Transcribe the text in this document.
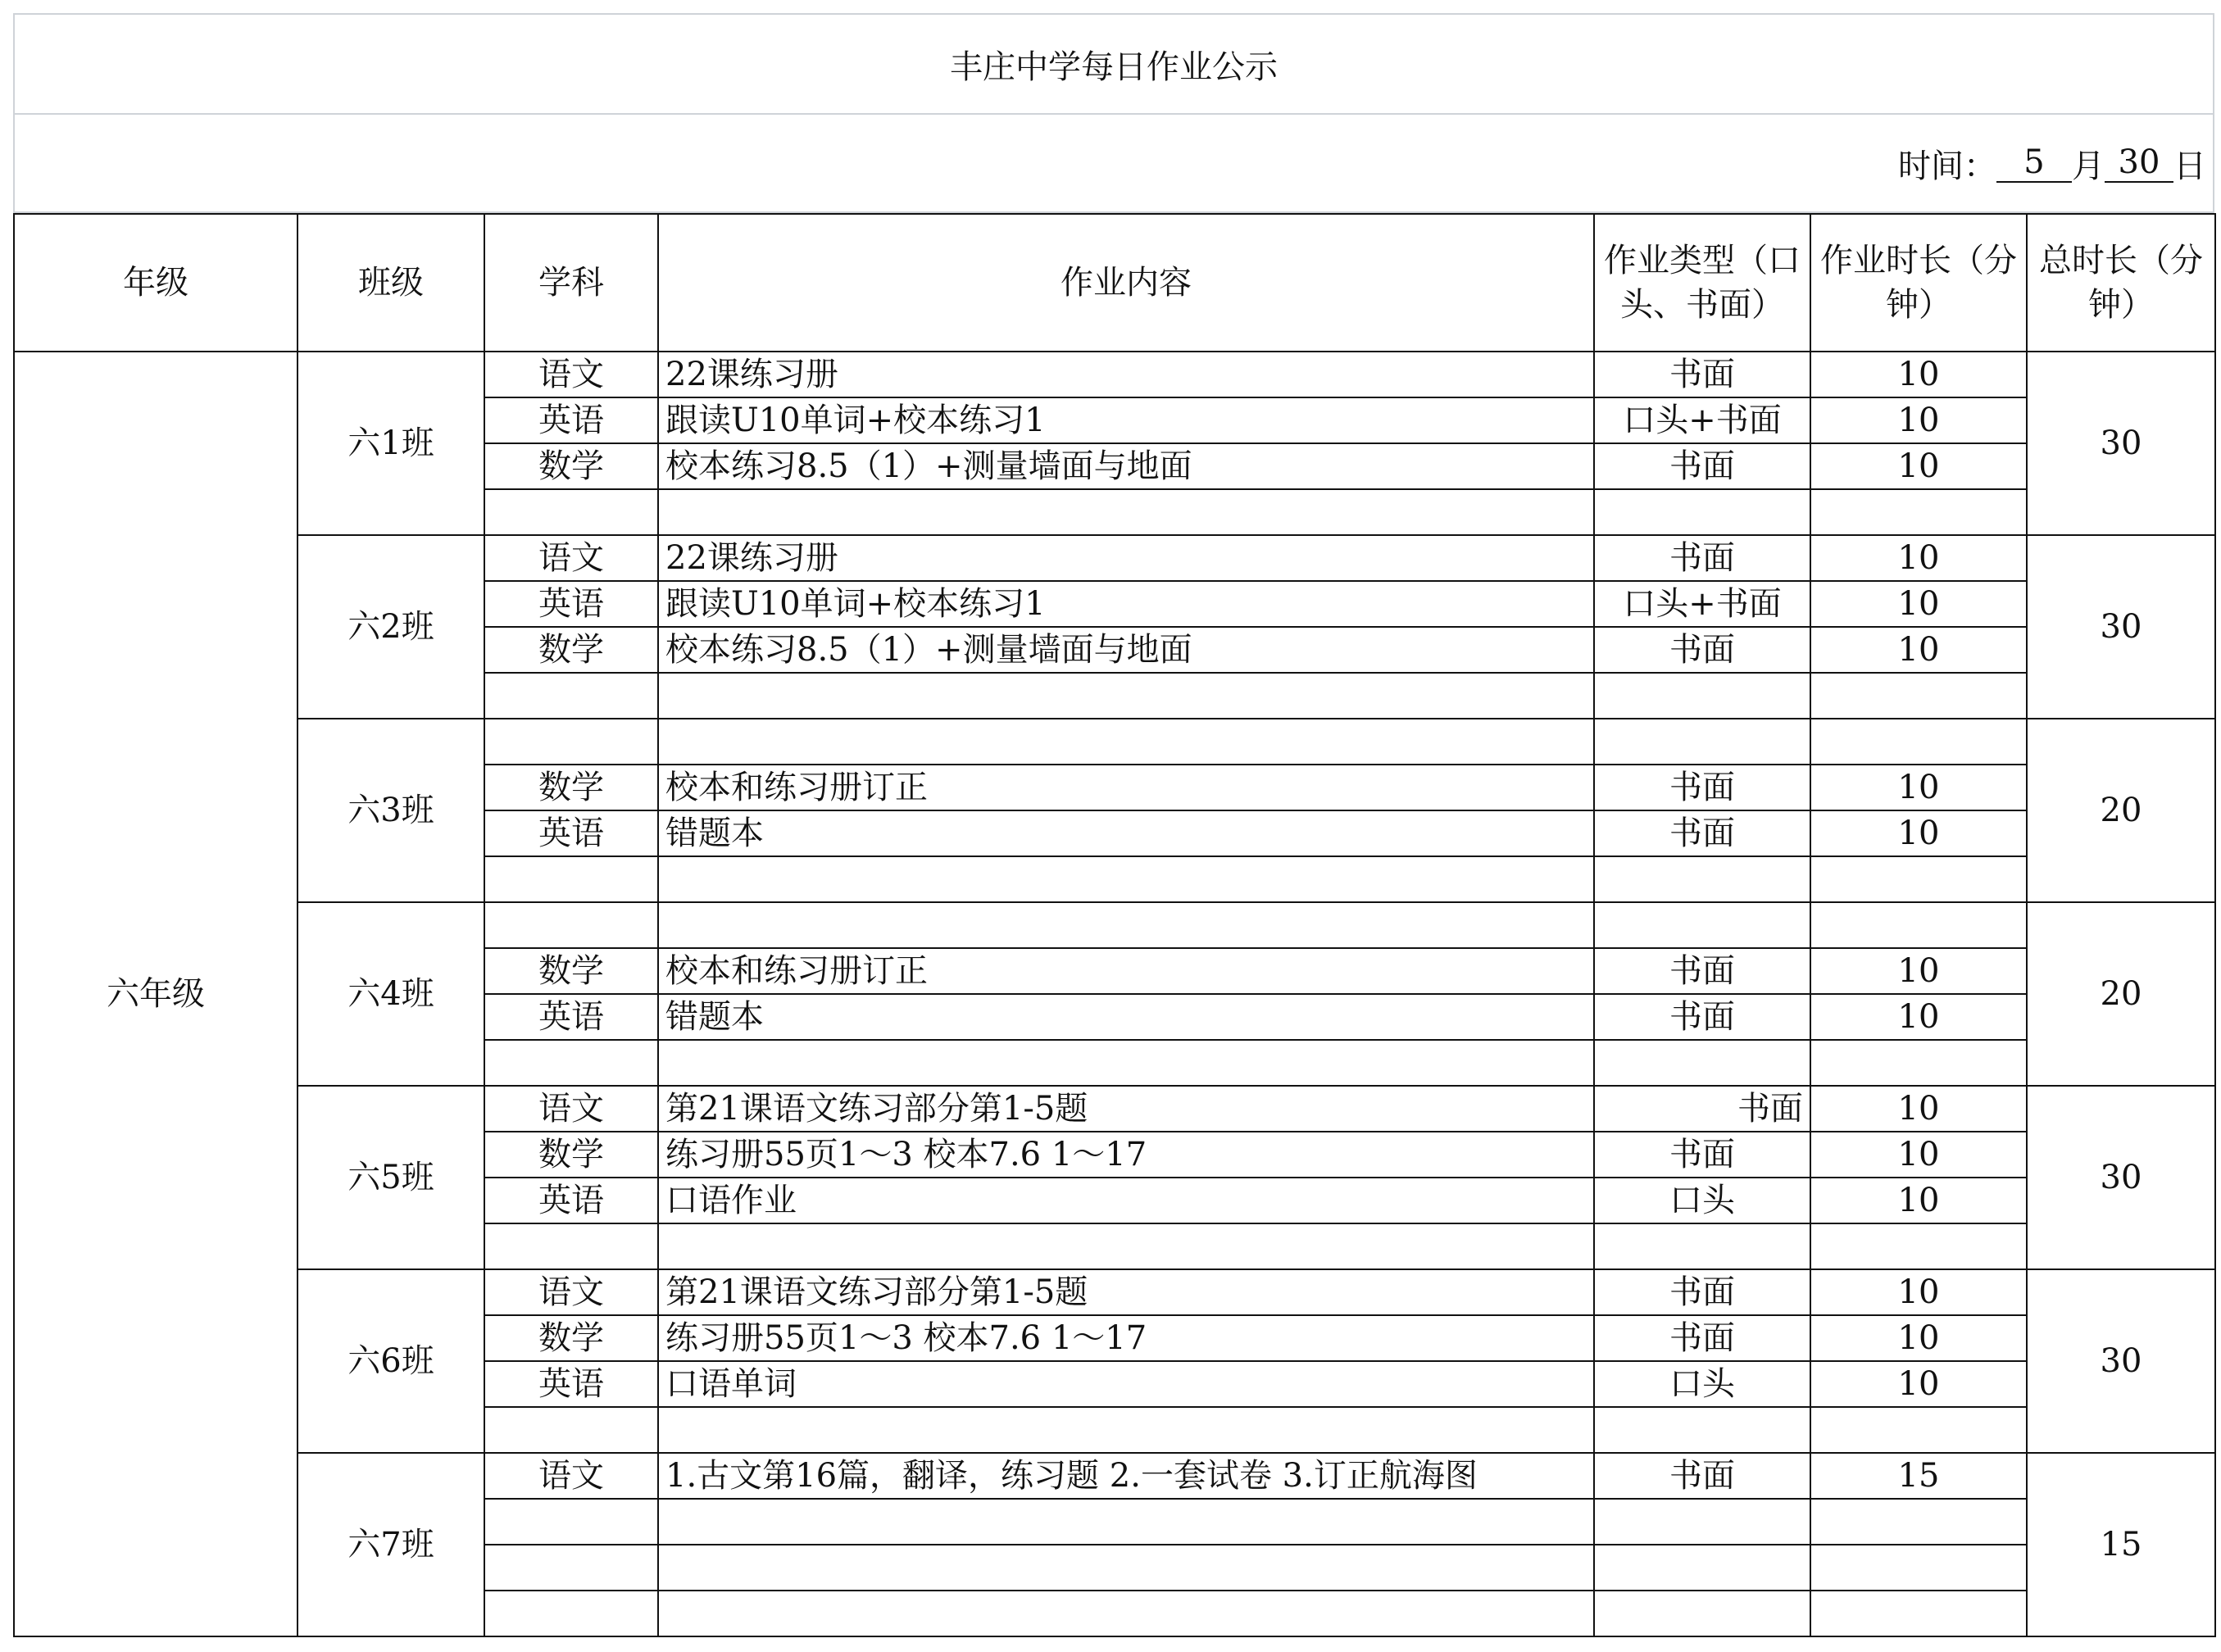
丰庄中学每日作业公示
时间： 5 月 30 日
年级	班级	学科	作业内容	作业类型（口头、书面）	作业时长（分钟）	总时长（分钟）
六年级	六1班	语文	22课练习册	书面	10	30
		英语	跟读U10单词+校本练习1	口头+书面	10	
		数学	校本练习8.5（1）+测量墙面与地面	书面	10	

	六2班	语文	22课练习册	书面	10	30
		英语	跟读U10单词+校本练习1	口头+书面	10	
		数学	校本练习8.5（1）+测量墙面与地面	书面	10	

	六3班					20
		数学	校本和练习册订正	书面	10	
		英语	错题本	书面	10	

	六4班					20
		数学	校本和练习册订正	书面	10	
		英语	错题本	书面	10	

	六5班	语文	第21课语文练习部分第1-5题	书面	10	30
		数学	练习册55页1～3 校本7.6 1～17	书面	10	
		英语	口语作业	口头	10	

	六6班	语文	第21课语文练习部分第1-5题	书面	10	30
		数学	练习册55页1～3 校本7.6 1～17	书面	10	
		英语	口语单词	口头	10	

	六7班	语文	1.古文第16篇，翻译，练习题 2.一套试卷 3.订正航海图	书面	15	15
